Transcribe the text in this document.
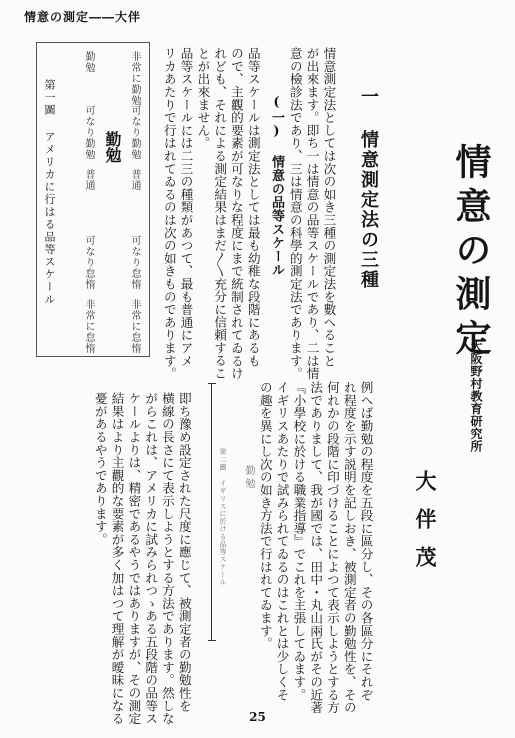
情意の測定――大伴
情意の測定
大阪野村教育研究所
大伴茂
例へば勤勉の程度を五段に區分し、その各區分にそれぞ
れ程度を示す説明を記しおき、被測定者の勤勉性を、その
何れかの段階に印づけることによつて表示しようとする方
法でありまして、我が國では、田中・丸山兩氏がその近著
『小學校に於ける職業指導』でこれを主張してゐます。
イギリスあたりで試みられてゐるのはこれとは少しくそ
の趣を異にし次の如き方法で行はれてゐます。
第二圖 イギリスに於ける品等スケール 勤勉
即ち豫め設定された尺度に應じて、被測定者の勤勉性を
横線の長さにて表示しようとする方法であります。然しな
がらこれは、アメリカに試みられつゝある五段階の品等ス
ケールよりは、精密であるやうではありますが、その測定
結果はより主觀的な要素が多く加はつて理解が曖昧になる
憂があるやうであります。
一 情意測定法の三種
情意測定法としては次の如き三種の測定法を數へること
が出來ます。即ち一は情意の品等スケールであり、二は情
意の檢診法であり、三は情意の科學的測定法であります。
(一) 情意の品等スケール
品等スケールは測定法としては最も幼稚な段階にあるも
ので、主觀的要素が可なりな程度にまで統制されてゐるけ
れども、それによる測定結果はまだ〳〵充分に信頼するこ
とが出來ません。
品等スケールには二三の種類があつて、最も普通にアメ
リカあたりで行はれてゐるのは次の如きものであります。
非常に勤勉
可なり勤勉
普通
可なり怠惰
非常に怠惰
勤勉
勤勉
可なり勤勉
普通
可なり怠惰
非常に怠惰
第一圖 アメリカに行はる品等スケール
25
